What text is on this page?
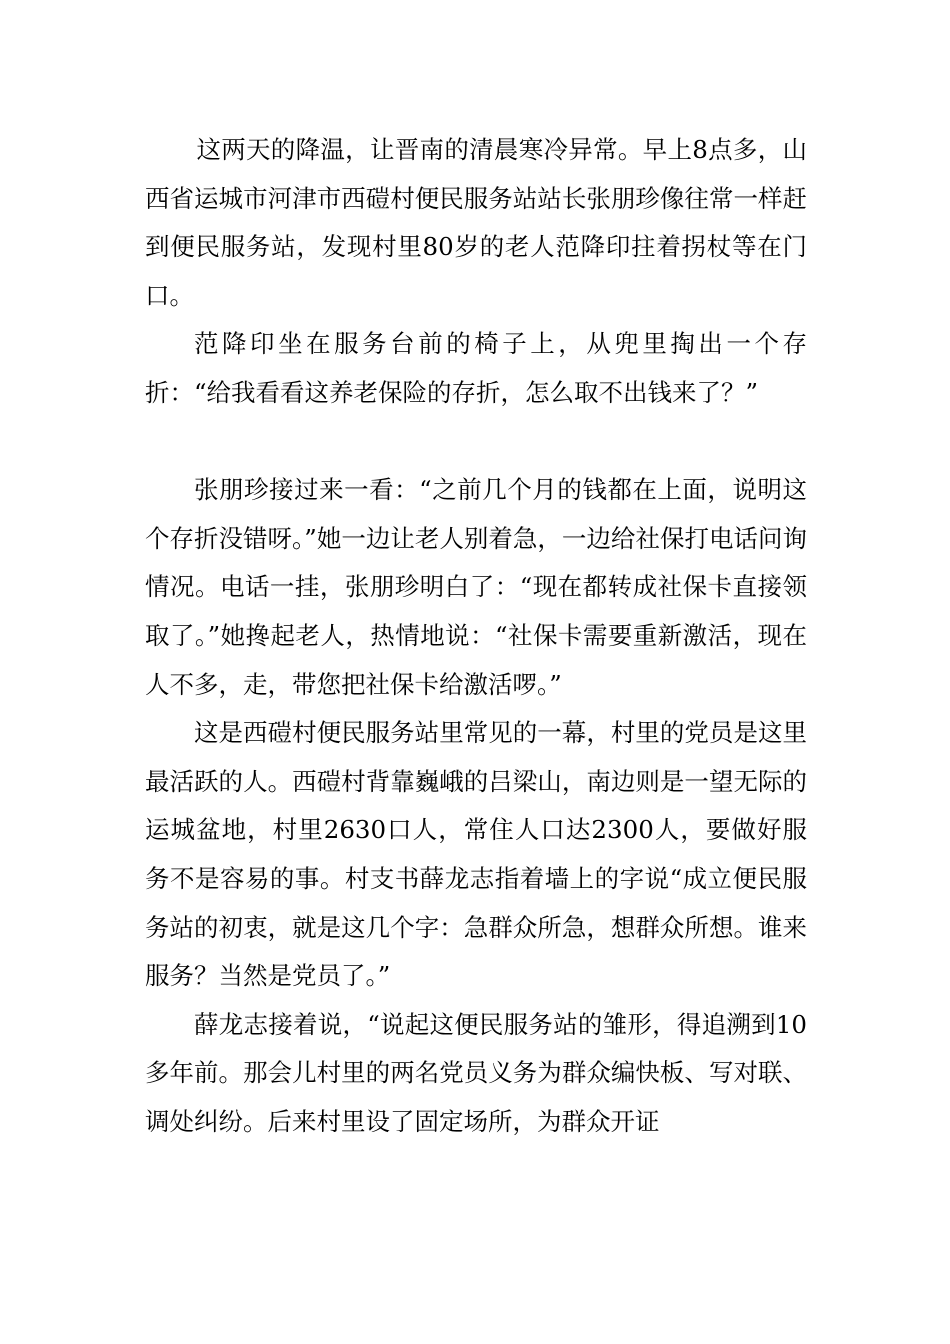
这两天的降温，让晋南的清晨寒冷异常。早上8点多，山西省运城市河津市西磑村便民服务站站长张朋珍像往常一样赶到便民服务站，发现村里80岁的老人范降印拄着拐杖等在门口。

范降印坐在服务台前的椅子上，从兜里掏出一个存折：“给我看看这养老保险的存折，怎么取不出钱来了？”

张朋珍接过来一看：“之前几个月的钱都在上面，说明这个存折没错呀。”她一边让老人别着急，一边给社保打电话问询情况。电话一挂，张朋珍明白了：“现在都转成社保卡直接领取了。”她搀起老人，热情地说：“社保卡需要重新激活，现在人不多，走，带您把社保卡给激活啰。”

这是西磑村便民服务站里常见的一幕，村里的党员是这里最活跃的人。西磑村背靠巍峨的吕梁山，南边则是一望无际的运城盆地，村里2630口人，常住人口达2300人，要做好服务不是容易的事。村支书薛龙志指着墙上的字说“成立便民服务站的初衷，就是这几个字：急群众所急，想群众所想。谁来服务？当然是党员了。”

薛龙志接着说，“说起这便民服务站的雏形，得追溯到10多年前。那会儿村里的两名党员义务为群众编快板、写对联、调处纠纷。后来村里设了固定场所，为群众开证
